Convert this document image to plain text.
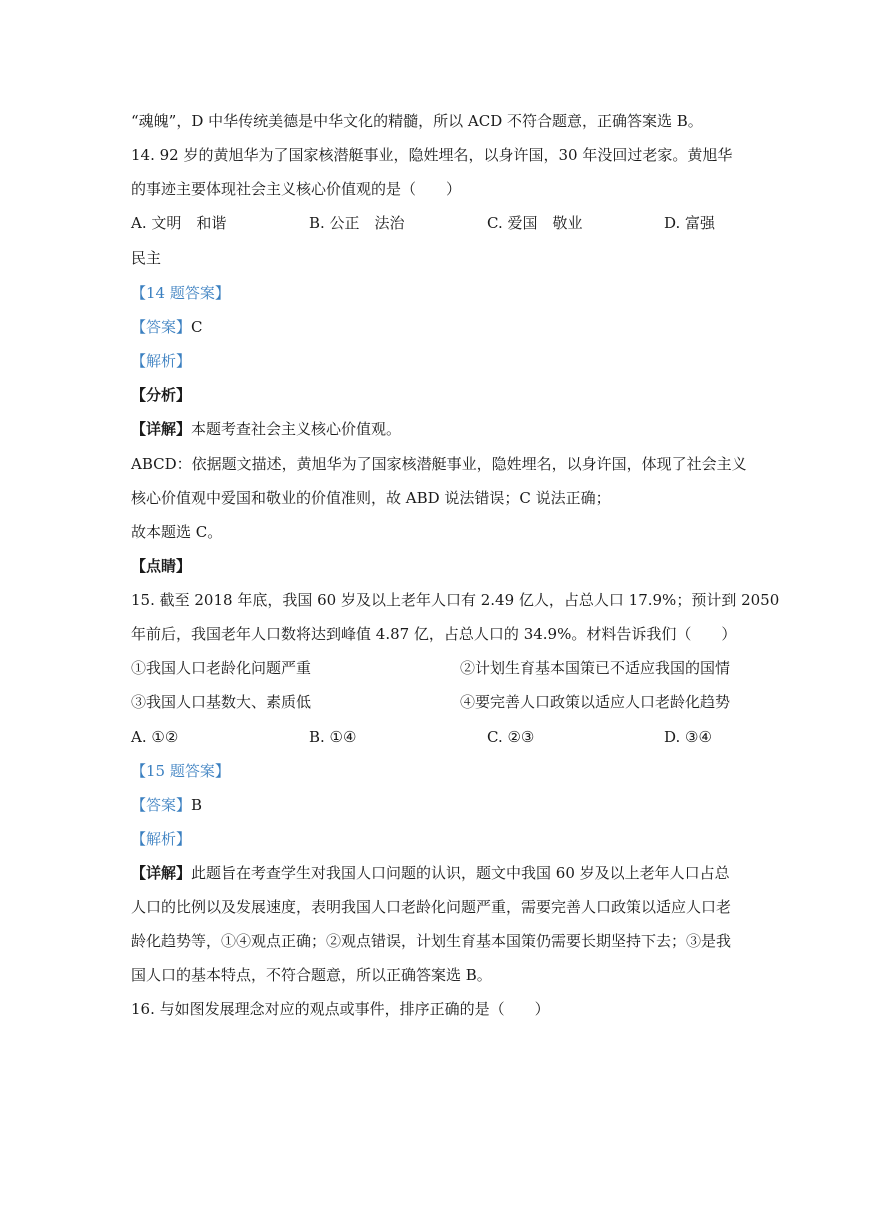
“魂魄”，D 中华传统美德是中华文化的精髓，所以 ACD 不符合题意，正确答案选 B。
14. 92 岁的黄旭华为了国家核潜艇事业，隐姓埋名，以身许国，30 年没回过老家。黄旭华
的事迹主要体现社会主义核心价值观的是（　　）
A. 文明　和谐	B. 公正　法治	C. 爱国　敬业	D. 富强
民主
【14 题答案】
【答案】C
【解析】
【分析】
【详解】本题考查社会主义核心价值观。
ABCD：依据题文描述，黄旭华为了国家核潜艇事业，隐姓埋名，以身许国，体现了社会主义
核心价值观中爱国和敬业的价值准则，故 ABD 说法错误；C 说法正确；
故本题选 C。
【点睛】
15. 截至 2018 年底，我国 60 岁及以上老年人口有 2.49 亿人，占总人口 17.9%；预计到 2050
年前后，我国老年人口数将达到峰值 4.87 亿，占总人口的 34.9%。材料告诉我们（　　）
①我国人口老龄化问题严重	②计划生育基本国策已不适应我国的国情
③我国人口基数大、素质低	④要完善人口政策以适应人口老龄化趋势
A. ①②	B. ①④	C. ②③	D. ③④
【15 题答案】
【答案】B
【解析】
【详解】此题旨在考查学生对我国人口问题的认识，题文中我国 60 岁及以上老年人口占总
人口的比例以及发展速度，表明我国人口老龄化问题严重，需要完善人口政策以适应人口老
龄化趋势等，①④观点正确；②观点错误，计划生育基本国策仍需要长期坚持下去；③是我
国人口的基本特点，不符合题意，所以正确答案选 B。
16. 与如图发展理念对应的观点或事件，排序正确的是（　　）
